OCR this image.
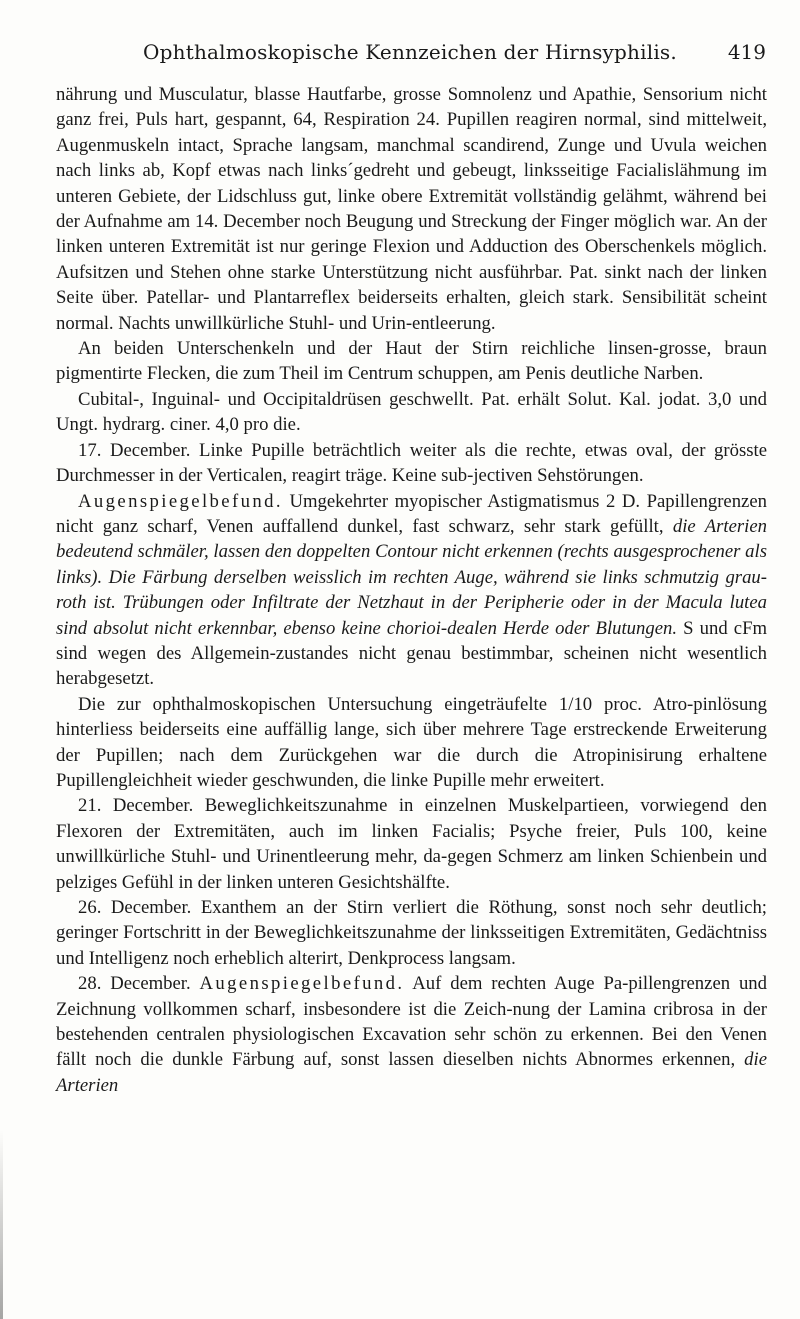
Ophthalmoskopische Kennzeichen der Hirnsyphilis.	419

nährung und Musculatur, blasse Hautfarbe, grosse Somnolenz und Apathie, Sensorium nicht ganz frei, Puls hart, gespannt, 64, Respiration 24. Pupillen reagiren normal, sind mittelweit, Augenmuskeln intact, Sprache langsam, manchmal scandirend, Zunge und Uvula weichen nach links ab, Kopf etwas nach links´gedreht und gebeugt, linksseitige Facialislähmung im unteren Gebiete, der Lidschluss gut, linke obere Extremität vollständig gelähmt, während bei der Aufnahme am 14. December noch Beugung und Streckung der Finger möglich war. An der linken unteren Extremität ist nur geringe Flexion und Adduction des Oberschenkels möglich. Aufsitzen und Stehen ohne starke Unterstützung nicht ausführbar. Pat. sinkt nach der linken Seite über. Patellar- und Plantarreflex beiderseits erhalten, gleich stark. Sensibilität scheint normal. Nachts unwillkürliche Stuhl- und Urin-entleerung.

An beiden Unterschenkeln und der Haut der Stirn reichliche linsen-grosse, braun pigmentirte Flecken, die zum Theil im Centrum schuppen, am Penis deutliche Narben.

Cubital-, Inguinal- und Occipitaldrüsen geschwellt. Pat. erhält Solut. Kal. jodat. 3,0 und Ungt. hydrarg. ciner. 4,0 pro die.

17. December. Linke Pupille beträchtlich weiter als die rechte, etwas oval, der grösste Durchmesser in der Verticalen, reagirt träge. Keine sub-jectiven Sehstörungen.

Augenspiegelbefund. Umgekehrter myopischer Astigmatismus 2 D. Papillengrenzen nicht ganz scharf, Venen auffallend dunkel, fast schwarz, sehr stark gefüllt, die Arterien bedeutend schmäler, lassen den doppelten Contour nicht erkennen (rechts ausgesprochener als links). Die Färbung derselben weisslich im rechten Auge, während sie links schmutzig grau-roth ist. Trübungen oder Infiltrate der Netzhaut in der Peripherie oder in der Macula lutea sind absolut nicht erkennbar, ebenso keine chorioi-dealen Herde oder Blutungen. S und cFm sind wegen des Allgemein-zustandes nicht genau bestimmbar, scheinen nicht wesentlich herabgesetzt.

Die zur ophthalmoskopischen Untersuchung eingeträufelte 1/10 proc. Atro-pinlösung hinterliess beiderseits eine auffällig lange, sich über mehrere Tage erstreckende Erweiterung der Pupillen; nach dem Zurückgehen war die durch die Atropinisirung erhaltene Pupillengleichheit wieder geschwunden, die linke Pupille mehr erweitert.

21. December. Beweglichkeitszunahme in einzelnen Muskelpartieen, vorwiegend den Flexoren der Extremitäten, auch im linken Facialis; Psyche freier, Puls 100, keine unwillkürliche Stuhl- und Urinentleerung mehr, da-gegen Schmerz am linken Schienbein und pelziges Gefühl in der linken unteren Gesichtshälfte.

26. December. Exanthem an der Stirn verliert die Röthung, sonst noch sehr deutlich; geringer Fortschritt in der Beweglichkeitszunahme der linksseitigen Extremitäten, Gedächtniss und Intelligenz noch erheblich alterirt, Denkprocess langsam.

28. December. Augenspiegelbefund. Auf dem rechten Auge Pa-pillengrenzen und Zeichnung vollkommen scharf, insbesondere ist die Zeich-nung der Lamina cribrosa in der bestehenden centralen physiologischen Excavation sehr schön zu erkennen. Bei den Venen fällt noch die dunkle Färbung auf, sonst lassen dieselben nichts Abnormes erkennen, die Arterien
